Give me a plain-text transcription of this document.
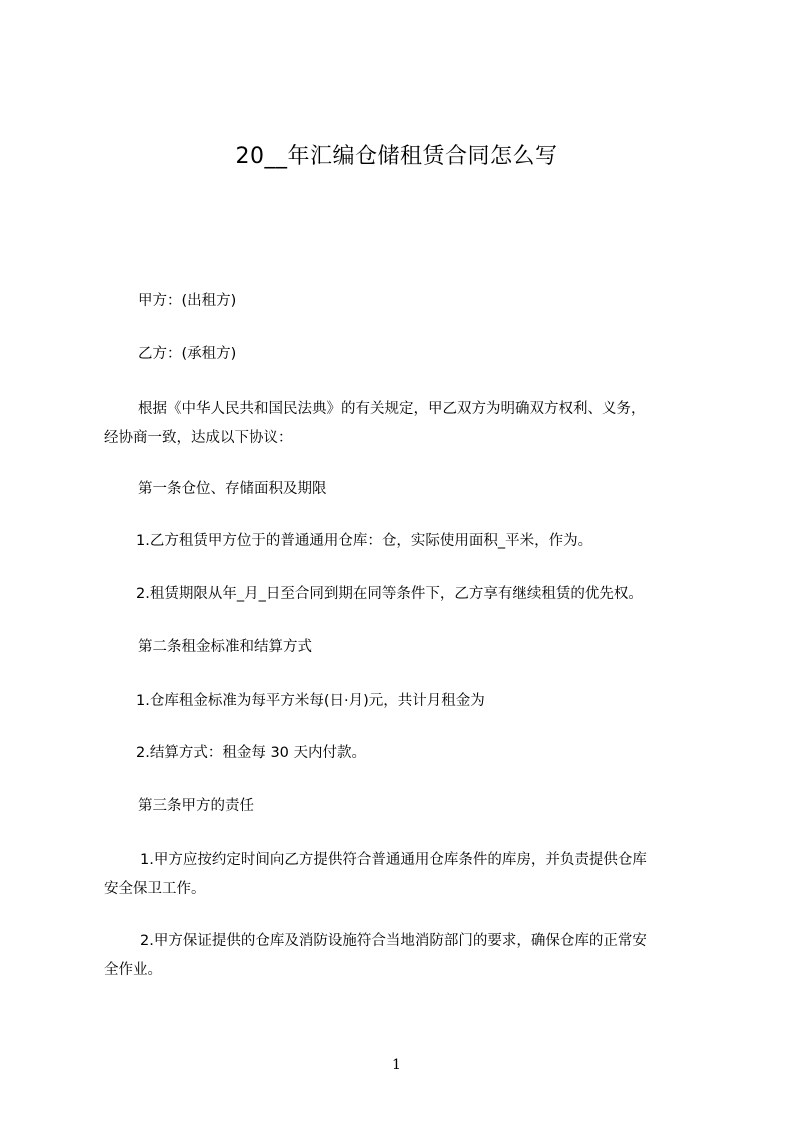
20__年汇编仓储租赁合同怎么写
甲方：(出租方)
乙方：(承租方)
根据《中华人民共和国民法典》的有关规定，甲乙双方为明确双方权利、义务，
经协商一致，达成以下协议：
第一条仓位、存储面积及期限
1.乙方租赁甲方位于的普通通用仓库：仓，实际使用面积_平米，作为。
2.租赁期限从年_月_日至合同到期在同等条件下，乙方享有继续租赁的优先权。
第二条租金标准和结算方式
1.仓库租金标准为每平方米每(日·月)元，共计月租金为
2.结算方式：租金每 30 天内付款。
第三条甲方的责任
1.甲方应按约定时间向乙方提供符合普通通用仓库条件的库房，并负责提供仓库
安全保卫工作。
2.甲方保证提供的仓库及消防设施符合当地消防部门的要求，确保仓库的正常安
全作业。
1
